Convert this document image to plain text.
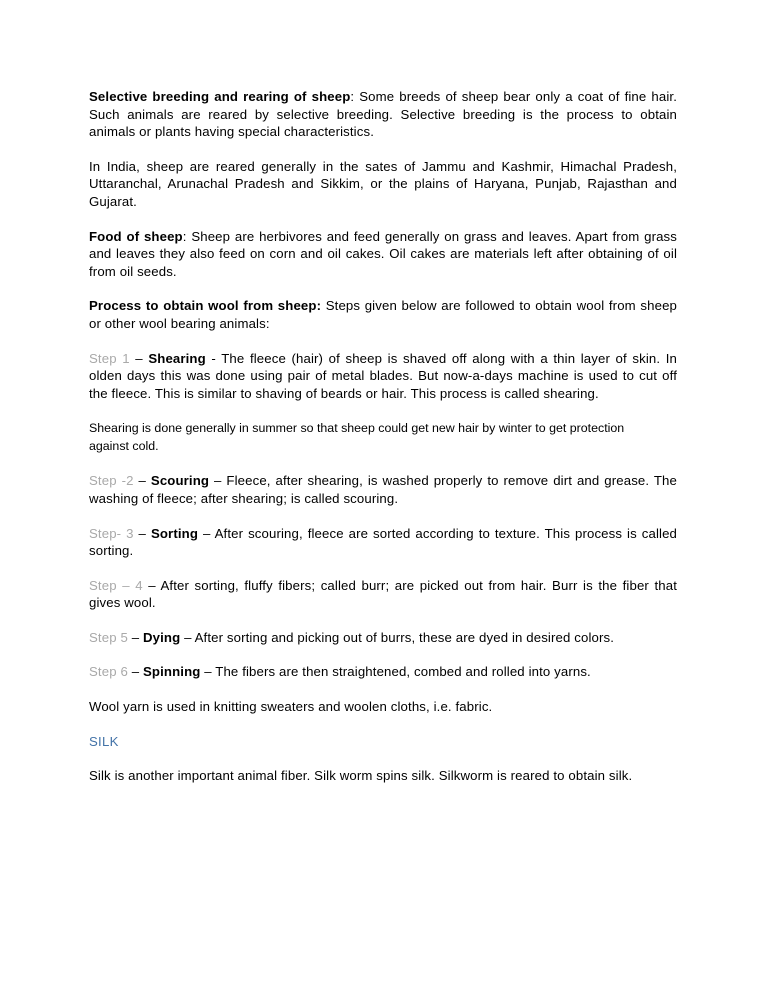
Selective breeding and rearing of sheep: Some breeds of sheep bear only a coat of fine hair. Such animals are reared by selective breeding. Selective breeding is the process to obtain animals or plants having special characteristics.

In India, sheep are reared generally in the sates of Jammu and Kashmir, Himachal Pradesh, Uttaranchal, Arunachal Pradesh and Sikkim, or the plains of Haryana, Punjab, Rajasthan and Gujarat.

Food of sheep: Sheep are herbivores and feed generally on grass and leaves. Apart from grass and leaves they also feed on corn and oil cakes. Oil cakes are materials left after obtaining of oil from oil seeds.

Process to obtain wool from sheep: Steps given below are followed to obtain wool from sheep or other wool bearing animals:

Step 1 – Shearing - The fleece (hair) of sheep is shaved off along with a thin layer of skin. In olden days this was done using pair of metal blades. But now-a-days machine is used to cut off the fleece. This is similar to shaving of beards or hair. This process is called shearing.

Shearing is done generally in summer so that sheep could get new hair by winter to get protection against cold.

Step -2 – Scouring – Fleece, after shearing, is washed properly to remove dirt and grease. The washing of fleece; after shearing; is called scouring.

Step- 3 – Sorting – After scouring, fleece are sorted according to texture. This process is called sorting.

Step – 4 – After sorting, fluffy fibers; called burr; are picked out from hair. Burr is the fiber that gives wool.

Step 5 – Dying – After sorting and picking out of burrs, these are dyed in desired colors.

Step 6 – Spinning – The fibers are then straightened, combed and rolled into yarns.

Wool yarn is used in knitting sweaters and woolen cloths, i.e. fabric.

SILK

Silk is another important animal fiber. Silk worm spins silk. Silkworm is reared to obtain silk.
